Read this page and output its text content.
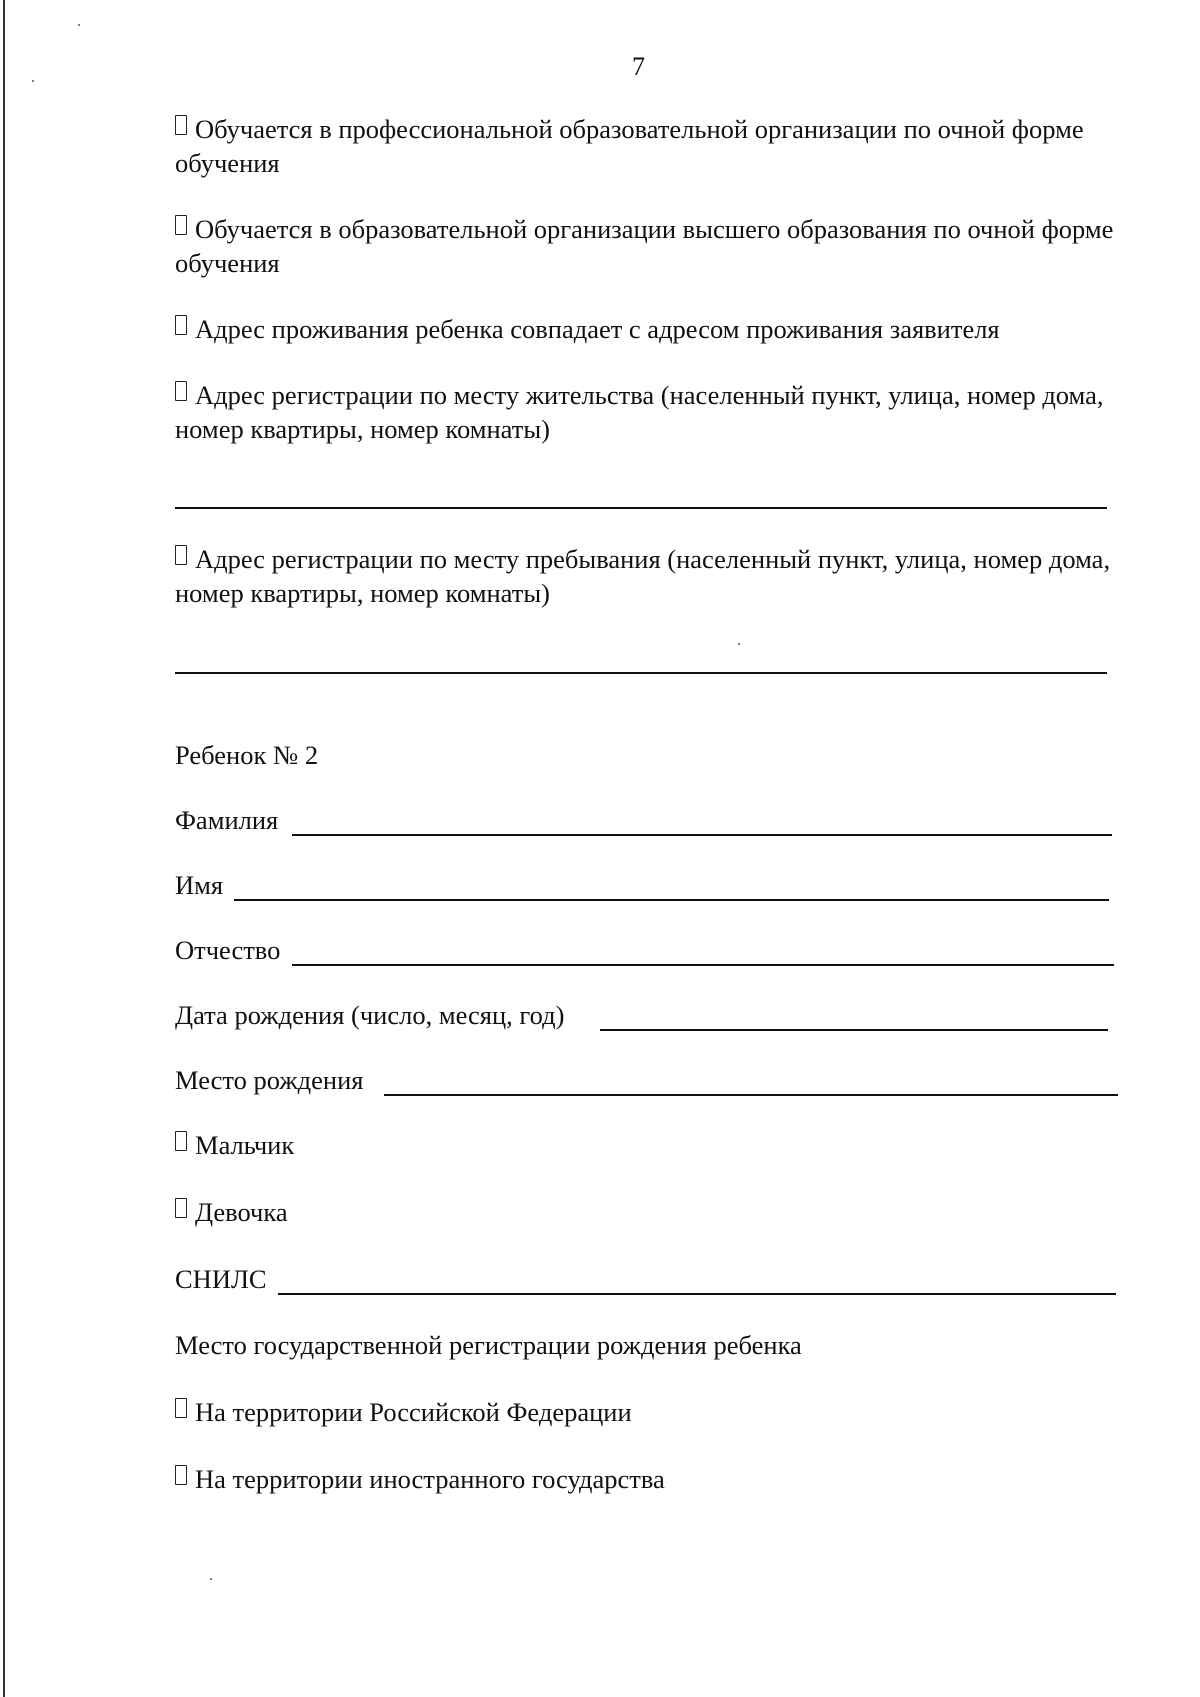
7
Обучается в профессиональной образовательной организации по очной форме обучения
Обучается в образовательной организации высшего образования по очной форме обучения
Адрес проживания ребенка совпадает с адресом проживания заявителя
Адрес регистрации по месту жительства (населенный пункт, улица, номер дома, номер квартиры, номер комнаты)
Адрес регистрации по месту пребывания (населенный пункт, улица, номер дома, номер квартиры, номер комнаты)
Ребенок № 2
Фамилия
Имя
Отчество
Дата рождения (число, месяц, год)
Место рождения
Мальчик
Девочка
СНИЛС
Место государственной регистрации рождения ребенка
На территории Российской Федерации
На территории иностранного государства
